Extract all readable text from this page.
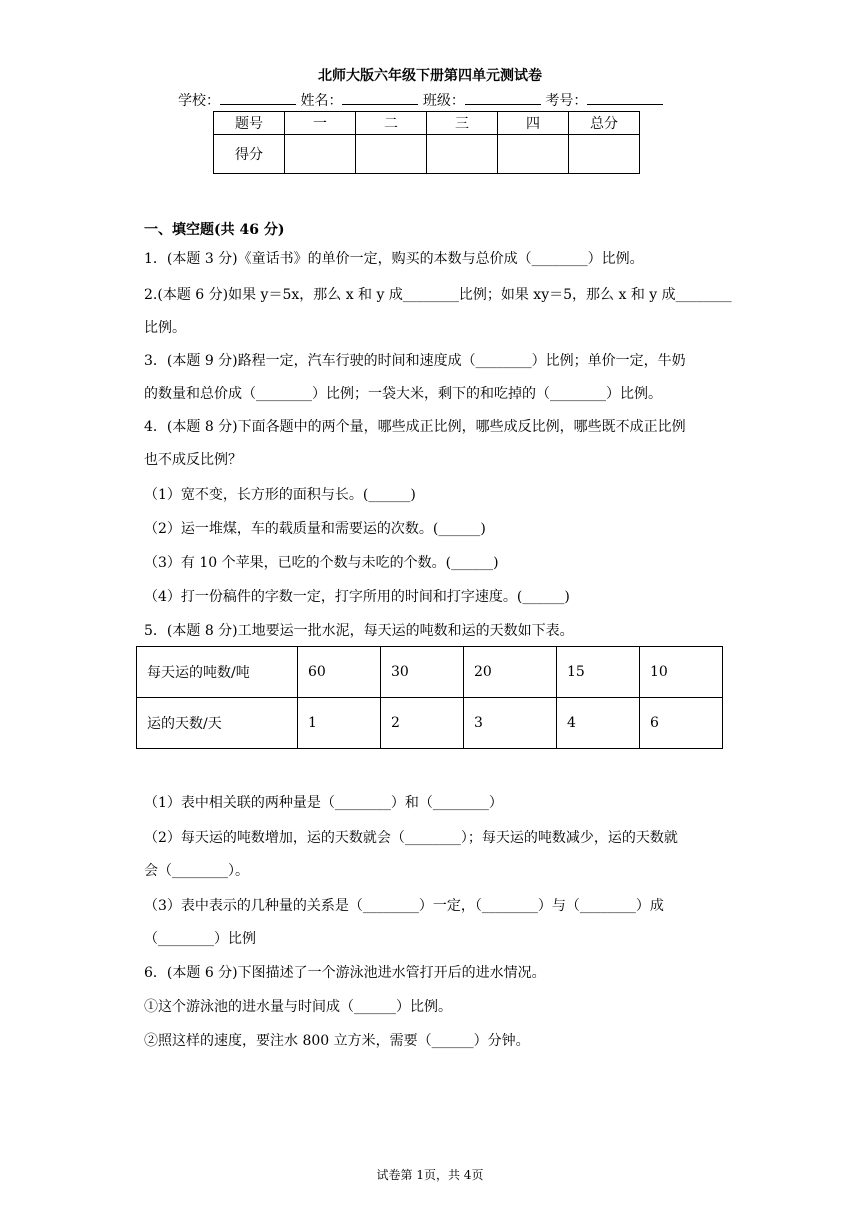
北师大版六年级下册第四单元测试卷
学校：	姓名：	班级：	考号：
题号	一	二	三	四	总分
得分					
一、填空题(共 46 分)
1．(本题 3 分)《童话书》的单价一定，购买的本数与总价成（________）比例。
2.(本题 6 分)如果 y＝5x，那么 x 和 y 成________比例；如果 xy＝5，那么 x 和 y 成________
比例。
3．(本题 9 分)路程一定，汽车行驶的时间和速度成（________）比例；单价一定，牛奶
的数量和总价成（________）比例；一袋大米，剩下的和吃掉的（________）比例。
4．(本题 8 分)下面各题中的两个量，哪些成正比例，哪些成反比例，哪些既不成正比例
也不成反比例？
（1）宽不变，长方形的面积与长。(______)
（2）运一堆煤，车的载质量和需要运的次数。(______)
（3）有 10 个苹果，已吃的个数与未吃的个数。(______)
（4）打一份稿件的字数一定，打字所用的时间和打字速度。(______)
5．(本题 8 分)工地要运一批水泥，每天运的吨数和运的天数如下表。
每天运的吨数/吨	60	30	20	15	10
运的天数/天	1	2	3	4	6
（1）表中相关联的两种量是（________）和（________）
（2）每天运的吨数增加，运的天数就会（________）；每天运的吨数减少，运的天数就
会（________）。
（3）表中表示的几种量的关系是（________）一定，（________）与（________）成
（________）比例
6．(本题 6 分)下图描述了一个游泳池进水管打开后的进水情况。
①这个游泳池的进水量与时间成（______）比例。
②照这样的速度，要注水 800 立方米，需要（______）分钟。
试卷第 1页，共 4页
